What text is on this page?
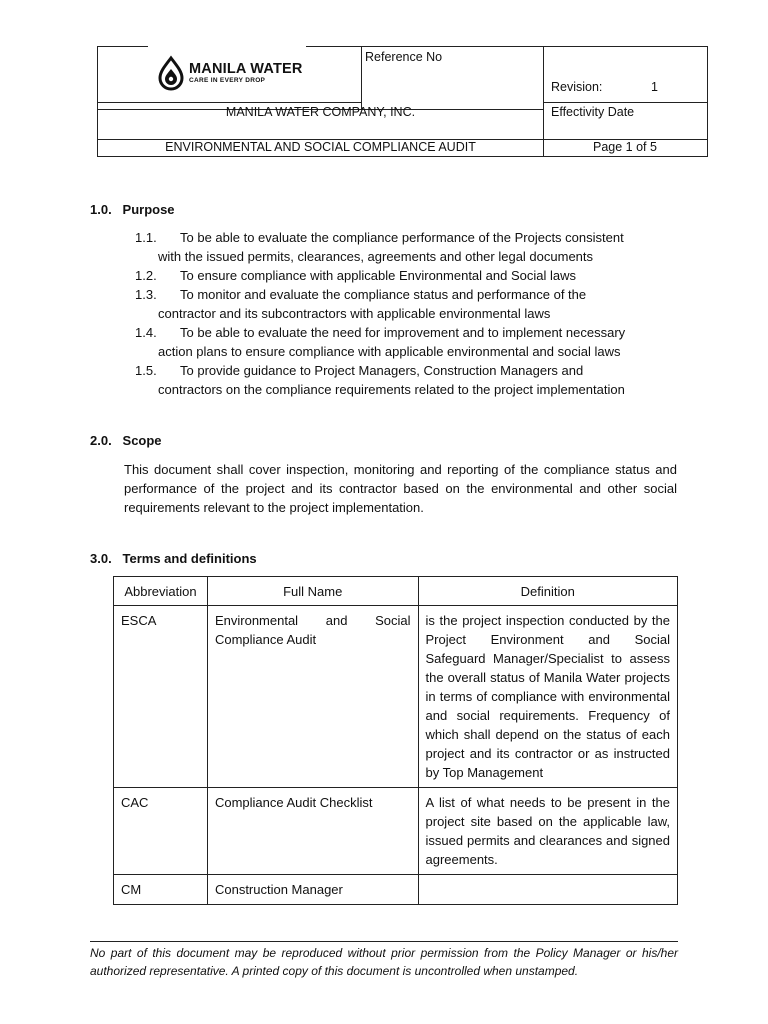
MANILA WATER
CARE IN EVERY DROP
Reference No
Revision:	1
MANILA WATER COMPANY, INC.	Effectivity Date
ENVIRONMENTAL AND SOCIAL COMPLIANCE AUDIT	Page 1 of 5
1.0.   Purpose
1.1. To be able to evaluate the compliance performance of the Projects consistent
with the issued permits, clearances, agreements and other legal documents
1.2. To ensure compliance with applicable Environmental and Social laws
1.3. To monitor and evaluate the compliance status and performance of the
contractor and its subcontractors with applicable environmental laws
1.4. To be able to evaluate the need for improvement and to implement necessary
action plans to ensure compliance with applicable environmental and social laws
1.5. To provide guidance to Project Managers, Construction Managers and
contractors on the compliance requirements related to the project implementation
2.0.   Scope
This document shall cover inspection, monitoring and reporting of the compliance status and performance of the project and its contractor based on the environmental and other social requirements relevant to the project implementation.
3.0.   Terms and definitions
Abbreviation	Full Name	Definition
ESCA	Environmental and Social Compliance Audit	is the project inspection conducted by the Project Environment and Social Safeguard Manager/Specialist to assess the overall status of Manila Water projects in terms of compliance with environmental and social requirements. Frequency of which shall depend on the status of each project and its contractor or as instructed by Top Management
CAC	Compliance Audit Checklist	A list of what needs to be present in the project site based on the applicable law, issued permits and clearances and signed agreements.
CM	Construction Manager	
No part of this document may be reproduced without prior permission from the Policy Manager or his/her authorized representative. A printed copy of this document is uncontrolled when unstamped.
